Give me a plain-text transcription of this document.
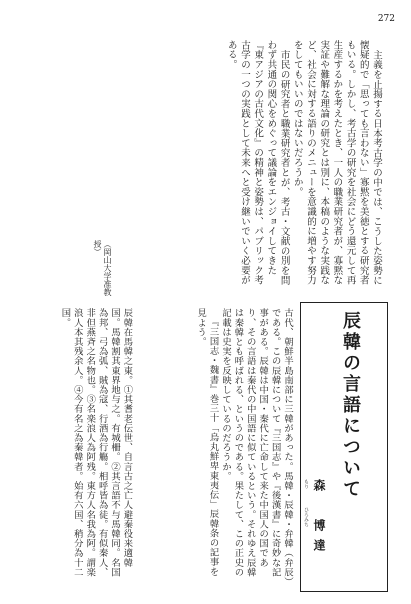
272

主義を止揚する日本考古学の中では、こうした姿勢に懐疑的で「思っても言わない」寡黙を美徳とする研究者もいる。しかし、考古学の研究を社会にどう還元して再生産するかを考えたとき、一人の職業研究者が、寡黙な実証や難解な理論の研究とは別に、本稿のような実践など、社会に対する語りのメニューを意識的に増やす努力をしてもいいのではないだろうか。

市民の研究者と職業研究者とが、考古・文献の別を問わず共通の関心をめぐって議論をエンジョイしてきた『東アジアの古代文化』の精神と姿勢は、パブリック考古学の一つの実践として未来へと受け継いでいく必要がある。

（岡山大学准教授）
辰韓の言語について
もり
ひろみち 森　博達

古代、朝鮮半島南部に三韓があった。馬韓・辰韓・弁韓（弁辰）である。この辰韓について『三国志』や『後漢書』に奇妙な記事がある。辰韓は中国・秦代に亡命して来た中国人の国であり、その言語は秦代の中国語に似ているという。それゆえ辰韓は秦韓とも呼ばれる、というのである。果たして、この正史の記載は史実を反映しているのだろうか。

『三国志・魏書』巻三十「烏丸鮮卑東夷伝」辰韓条の記事を見よう。

辰韓在馬韓之東。①其耆老伝世、自言古之亡人避秦役来適韓国。馬韓割其東界地与之。有城柵。②其言語不与馬韓同。名国為邦、弓為弧、賊為寇、行酒為行觴。相呼皆為徒。有似秦人、非但燕斉之名物也。③名楽浪人為阿残。東方人名我為阿。謂楽浪人本其残余人。④今有名之為秦韓者。始有六国、稍分為十二国。
